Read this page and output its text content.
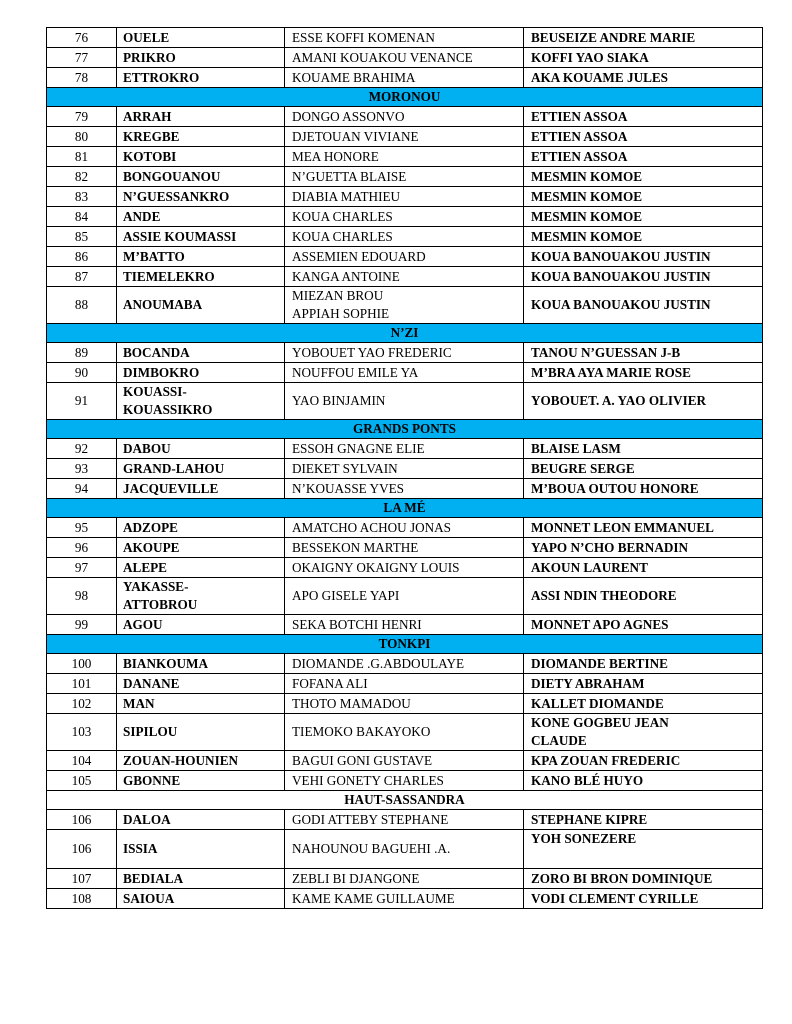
76	OUELE	ESSE KOFFI KOMENAN	BEUSEIZE ANDRE MARIE

77	PRIKRO	AMANI KOUAKOU VENANCE	KOFFI YAO SIAKA

78	ETTROKRO	KOUAME BRAHIMA	AKA KOUAME JULES

MORONOU			
79	ARRAH	DONGO ASSONVO	ETTIEN ASSOA

80	KREGBE	DJETOUAN VIVIANE	ETTIEN ASSOA

81	KOTOBI	MEA HONORE	ETTIEN ASSOA

82	BONGOUANOU	N’GUETTA BLAISE	MESMIN KOMOE

83	N’GUESSANKRO	DIABIA MATHIEU	MESMIN KOMOE

84	ANDE	KOUA CHARLES	MESMIN KOMOE

85	ASSIE KOUMASSI	KOUA CHARLES	MESMIN KOMOE

86	M’BATTO	ASSEMIEN EDOUARD	KOUA BANOUAKOU JUSTIN

87	TIEMELEKRO	KANGA ANTOINE	KOUA BANOUAKOU JUSTIN

88	ANOUMABA	MIEZAN BROU
APPIAH SOPHIE	KOUA BANOUAKOU JUSTIN

N’ZI			
89	BOCANDA	YOBOUET YAO FREDERIC	TANOU N’GUESSAN J-B

90	DIMBOKRO	NOUFFOU EMILE YA	M’BRA AYA MARIE ROSE

91	KOUASSI-
KOUASSIKRO	YAO BINJAMIN	YOBOUET. A. YAO OLIVIER

GRANDS PONTS			
92	DABOU	ESSOH GNAGNE ELIE	BLAISE LASM

93	GRAND-LAHOU	DIEKET SYLVAIN	BEUGRE SERGE

94	JACQUEVILLE	N’KOUASSE YVES	M’BOUA OUTOU HONORE

LA MÉ			
95	ADZOPE	AMATCHO ACHOU JONAS	MONNET LEON EMMANUEL

96	AKOUPE	BESSEKON MARTHE	YAPO N’CHO BERNADIN

97	ALEPE	OKAIGNY OKAIGNY LOUIS	AKOUN LAURENT

98	YAKASSE-
ATTOBROU	APO GISELE YAPI	ASSI NDIN THEODORE

99	AGOU	SEKA BOTCHI HENRI	MONNET APO AGNES

TONKPI			
100	BIANKOUMA	DIOMANDE .G.ABDOULAYE	DIOMANDE BERTINE

101	DANANE	FOFANA ALI	DIETY ABRAHAM

102	MAN	THOTO MAMADOU	KALLET DIOMANDE

103	SIPILOU	TIEMOKO BAKAYOKO	KONE GOGBEU JEAN
CLAUDE

104	ZOUAN-HOUNIEN	BAGUI GONI GUSTAVE	KPA ZOUAN FREDERIC

105	GBONNE	VEHI GONETY CHARLES	KANO BLÉ HUYO

HAUT-SASSANDRA			
106	DALOA	GODI ATTEBY STEPHANE	STEPHANE KIPRE

106	ISSIA	NAHOUNOU BAGUEHI .A.	YOH SONEZERE

107	BEDIALA	ZEBLI BI DJANGONE	ZORO BI BRON DOMINIQUE

108	SAIOUA	KAME KAME GUILLAUME	VODI CLEMENT CYRILLE
